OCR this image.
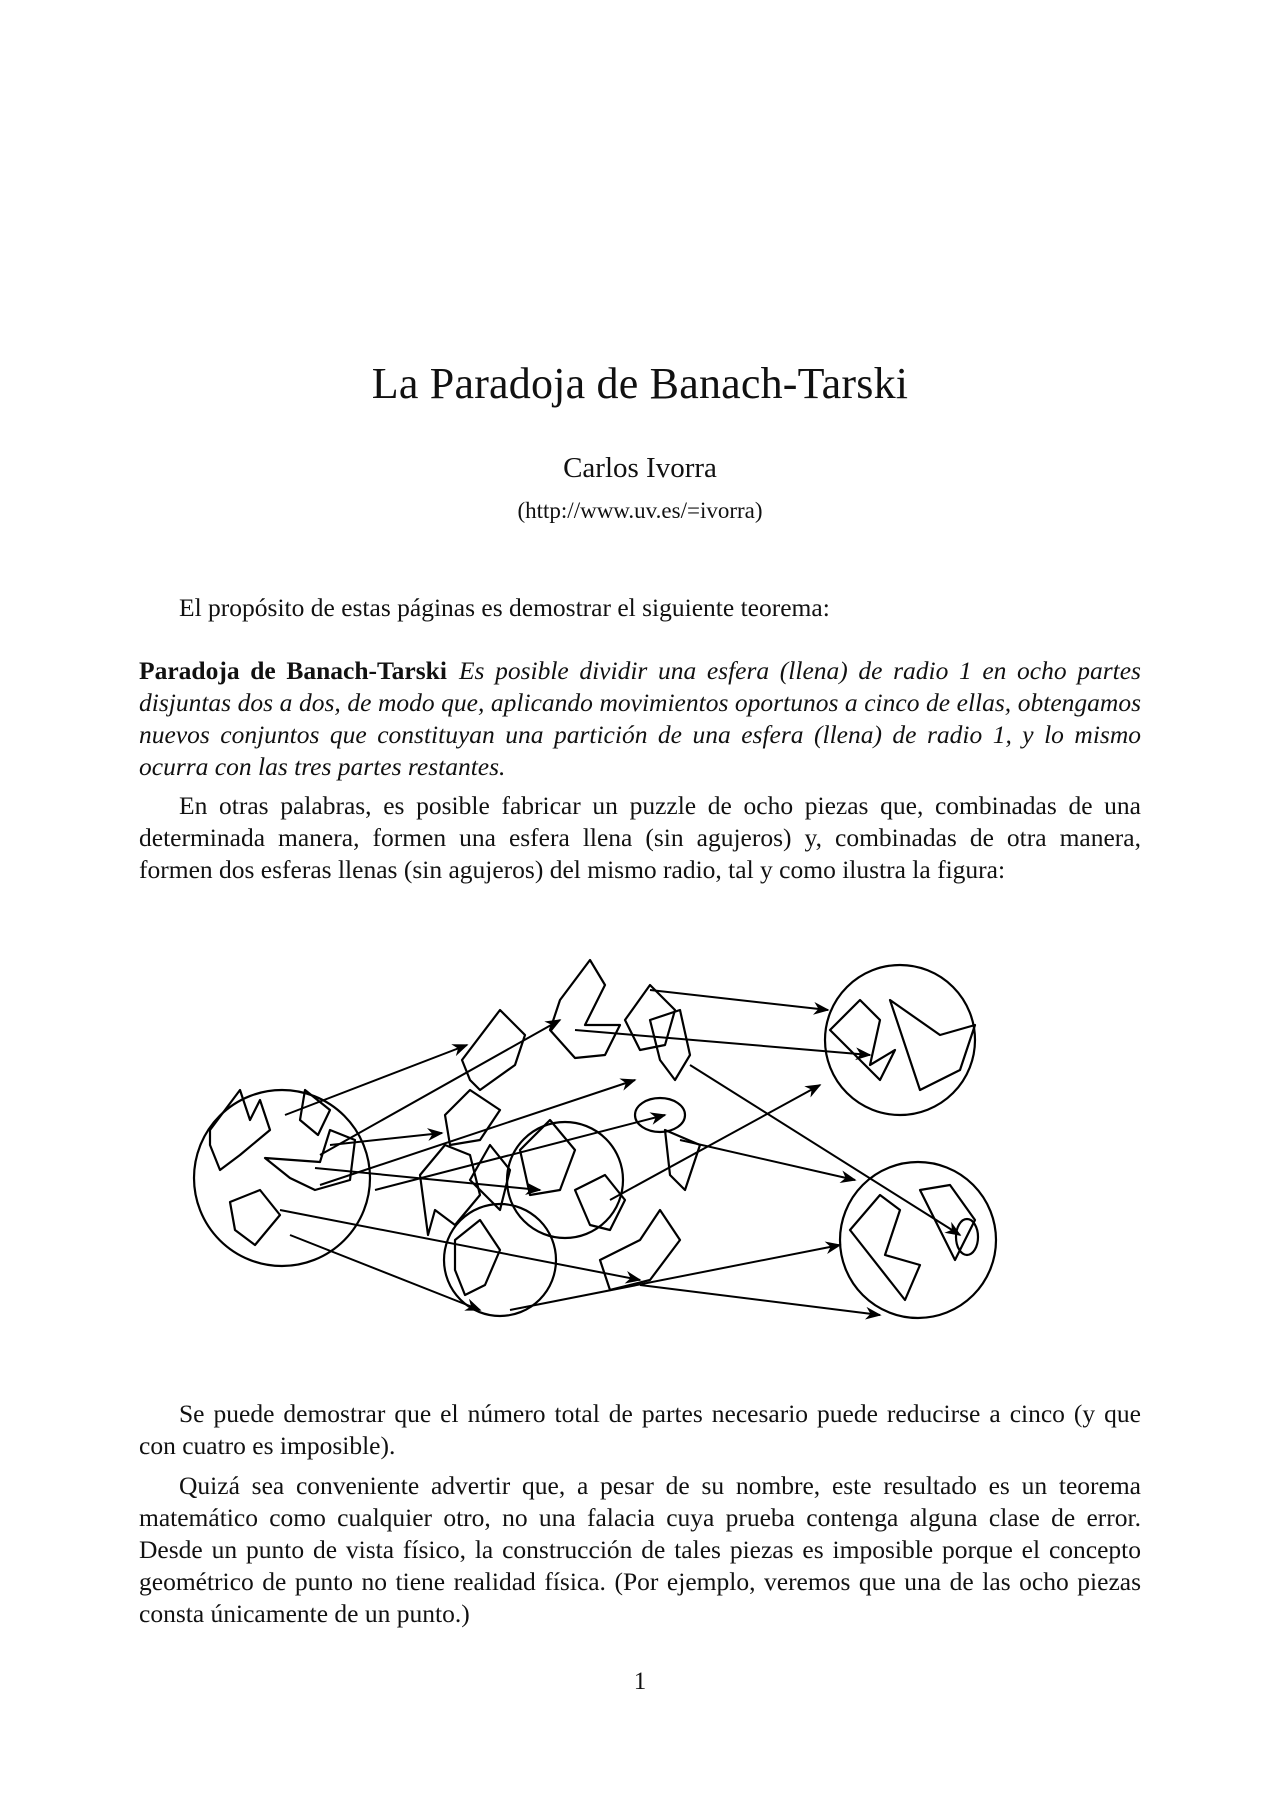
La Paradoja de Banach-Tarski
Carlos Ivorra
(http://www.uv.es/=ivorra)

El propósito de estas páginas es demostrar el siguiente teorema:

Paradoja de Banach-Tarski Es posible dividir una esfera (llena) de radio 1 en ocho partes disjuntas dos a dos, de modo que, aplicando movimientos oportunos a cinco de ellas, obtengamos nuevos conjuntos que constituyan una partición de una esfera (llena) de radio 1, y lo mismo ocurra con las tres partes restantes.

En otras palabras, es posible fabricar un puzzle de ocho piezas que, combinadas de una determinada manera, formen una esfera llena (sin agujeros) y, combinadas de otra manera, formen dos esferas llenas (sin agujeros) del mismo radio, tal y como ilustra la figura:

Se puede demostrar que el número total de partes necesario puede reducirse a cinco (y que con cuatro es imposible).

Quizá sea conveniente advertir que, a pesar de su nombre, este resultado es un teorema matemático como cualquier otro, no una falacia cuya prueba contenga alguna clase de error. Desde un punto de vista físico, la construcción de tales piezas es imposible porque el concepto geométrico de punto no tiene realidad física. (Por ejemplo, veremos que una de las ocho piezas consta únicamente de un punto.)

1
